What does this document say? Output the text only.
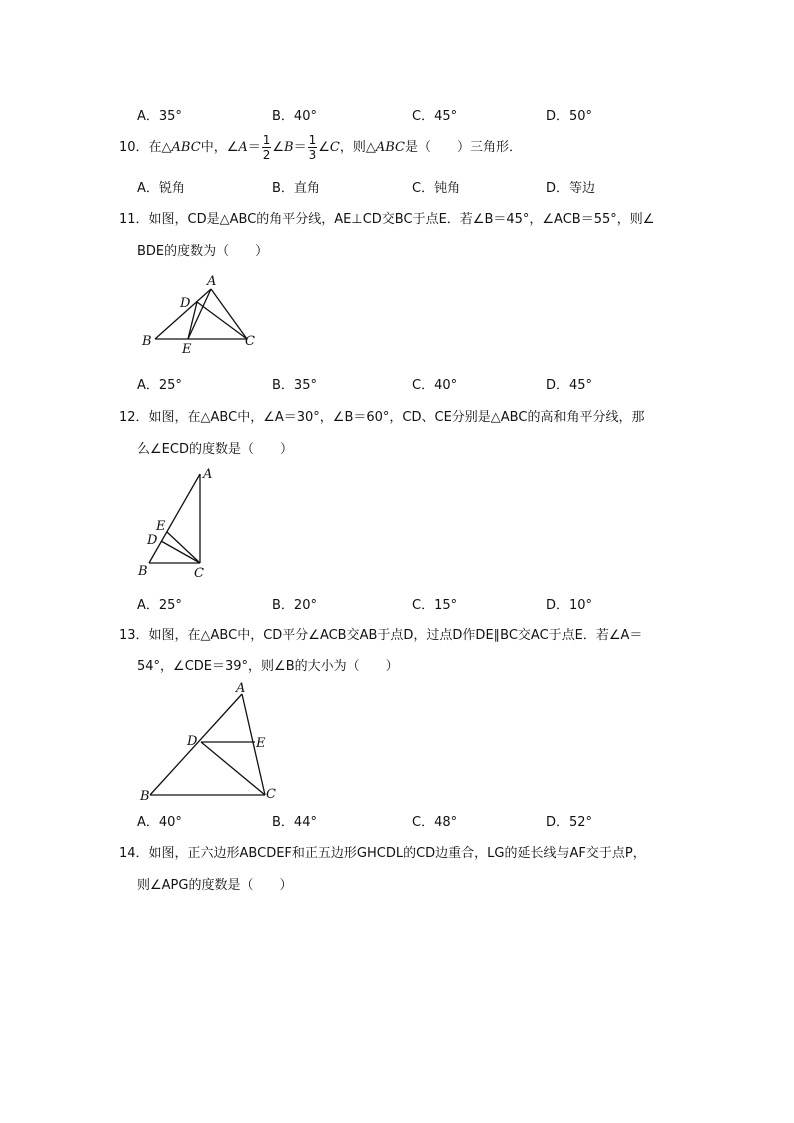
A．35°	B．40°	C．45°	D．50°
10．在△ABC中，∠A＝ $\frac{1}{2}$ ∠B＝ $\frac{1}{3}$ ∠C，则△ABC是（　　）三角形．
A．锐角	B．直角	C．钝角	D．等边
11．如图，CD是△ABC的角平分线，AE⊥CD交BC于点E．若∠B＝45°，∠ACB＝55°，则∠
BDE的度数为（　　）
A
D
B
E
C
A．25°	B．35°	C．40°	D．45°
12．如图，在△ABC中，∠A＝30°，∠B＝60°，CD、CE分别是△ABC的高和角平分线，那
么∠ECD的度数是（　　）
A
E
D
B	C
A．25°	B．20°	C．15°	D．10°
13．如图，在△ABC中，CD平分∠ACB交AB于点D，过点D作DE∥BC交AC于点E．若∠A＝
54°，∠CDE＝39°，则∠B的大小为（　　）
A
D	E
B	C
A．40°	B．44°	C．48°	D．52°
14．如图，正六边形ABCDEF和正五边形GHCDL的CD边重合，LG的延长线与AF交于点P，
则∠APG的度数是（　　）
